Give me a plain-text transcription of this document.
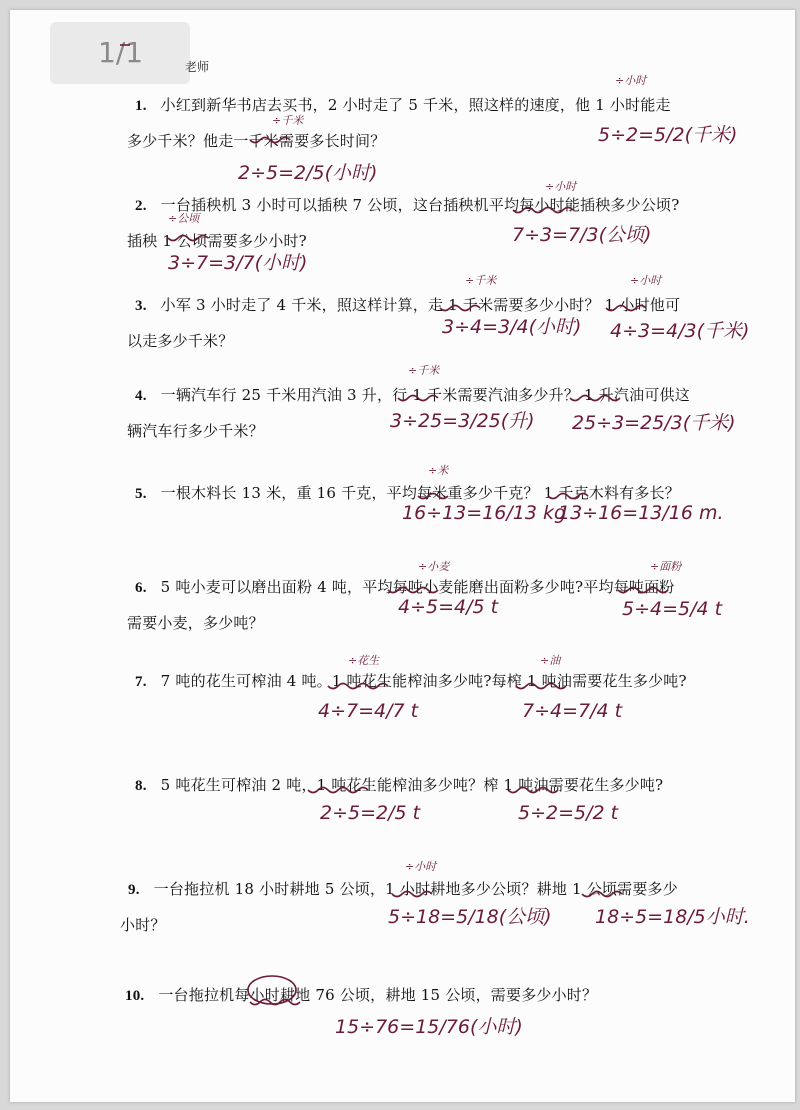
1/1	老师
1. 小红到新华书店去买书，2 小时走了 5 千米，照这样的速度，他 1 小时能走
多少千米？他走一千米需要多长时间？
2. 一台插秧机 3 小时可以插秧 7 公顷，这台插秧机平均每小时能插秧多少公顷?
插秧 1 公顷需要多少小时?
3. 小军 3 小时走了 4 千米，照这样计算，走 1 千米需要多少小时？ 1 小时他可
以走多少千米？
4. 一辆汽车行 25 千米用汽油 3 升，行 1 千米需要汽油多少升？ 1 升汽油可供这
辆汽车行多少千米？
5. 一根木料长 13 米，重 16 千克，平均每米重多少千克？ 1 千克木料有多长？
6. 5 吨小麦可以磨出面粉 4 吨，平均每吨小麦能磨出面粉多少吨?平均每吨面粉
需要小麦，多少吨？
7. 7 吨的花生可榨油 4 吨。1 吨花生能榨油多少吨?每榨 1 吨油需要花生多少吨?
8. 5 吨花生可榨油 2 吨，1 吨花生能榨油多少吨？榨 1 吨油需要花生多少吨?
9. 一台拖拉机 18 小时耕地 5 公顷，1 小时耕地多少公顷？耕地 1 公顷需要多少
小时？
10. 一台拖拉机每小时耕地 76 公顷，耕地 15 公顷，需要多少小时？
÷小时
5÷2=5/2(千米)
÷千米
2÷5=2/5(小时)
÷小时
7÷3=7/3(公顷)
÷公顷
3÷7=3/7(小时)
÷千米
3÷4=3/4(小时)
÷小时
4÷3=4/3(千米)
÷千米
3÷25=3/25(升) 25÷3=25/3(千米)
÷米
16÷13=16/13 kg
13÷16=13/16 m.
÷小麦
4÷5=4/5 t
÷面粉
5÷4=5/4 t
÷花生
4÷7=4/7 t
÷油
7÷4=7/4 t
2÷5=2/5 t	5÷2=5/2 t
÷小时
5÷18=5/18(公顷) 18÷5=18/5小时.
15÷76=15/76(小时)
